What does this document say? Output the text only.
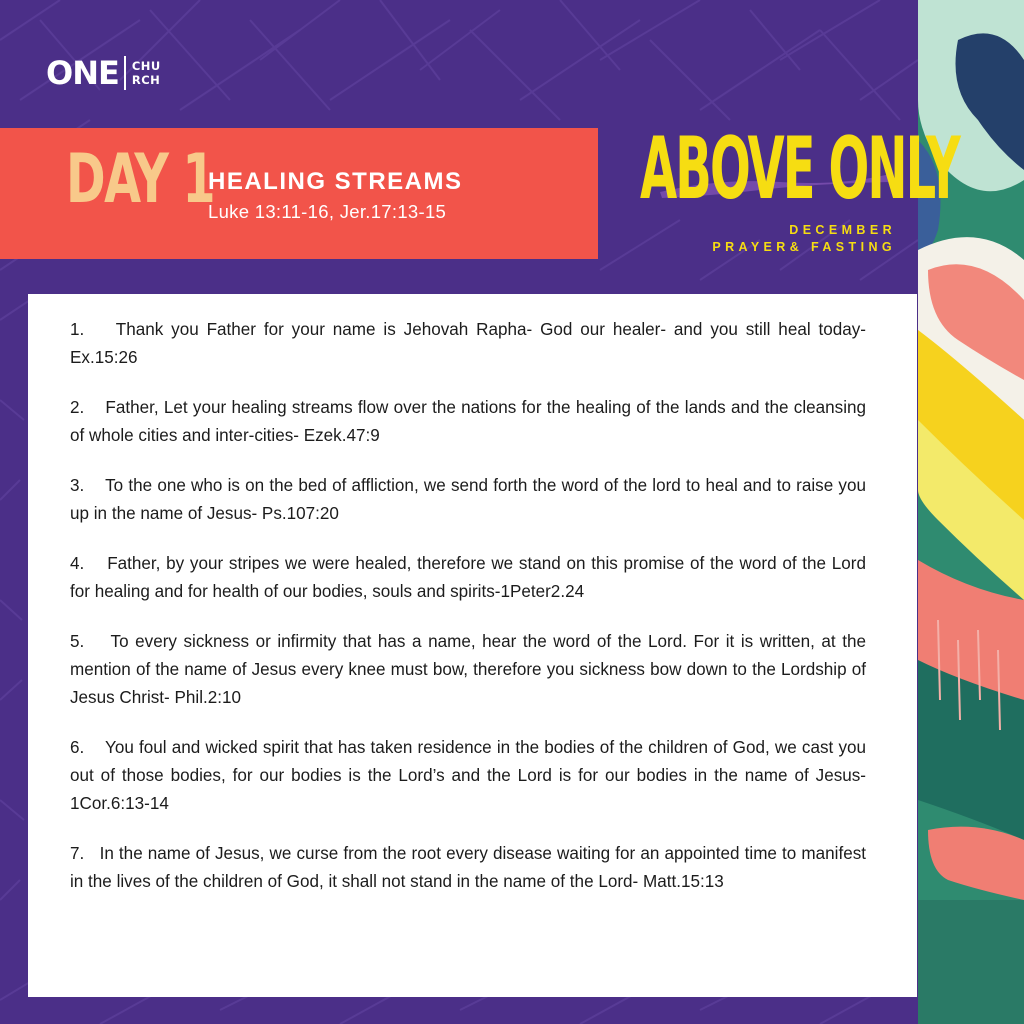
ONE CHU
RCH
DAY 1
HEALING STREAMS
Luke 13:11-16, Jer.17:13-15 ABOVE ONLY
DECEMBER
PRAYER& FASTING
1. Thank you Father for your name is Jehovah Rapha- God our healer- and you still heal today- Ex.15:26
2. Father, Let your healing streams flow over the nations for the healing of the lands and the cleansing of whole cities and inter-cities- Ezek.47:9
3. To the one who is on the bed of affliction, we send forth the word of the lord to heal and to raise you up in the name of Jesus- Ps.107:20
4. Father, by your stripes we were healed, therefore we stand on this promise of the word of the Lord for healing and for health of our bodies, souls and spirits-1Peter2.24
5. To every sickness or infirmity that has a name, hear the word of the Lord. For it is written, at the mention of the name of Jesus every knee must bow, therefore you sickness bow down to the Lordship of Jesus Christ- Phil.2:10
6. You foul and wicked spirit that has taken residence in the bodies of the children of God, we cast you out of those bodies, for our bodies is the Lord’s and the Lord is for our bodies in the name of Jesus-1Cor.6:13-14
7. In the name of Jesus, we curse from the root every disease waiting for an appointed time to manifest in the lives of the children of God, it shall not stand in the name of the Lord- Matt.15:13
